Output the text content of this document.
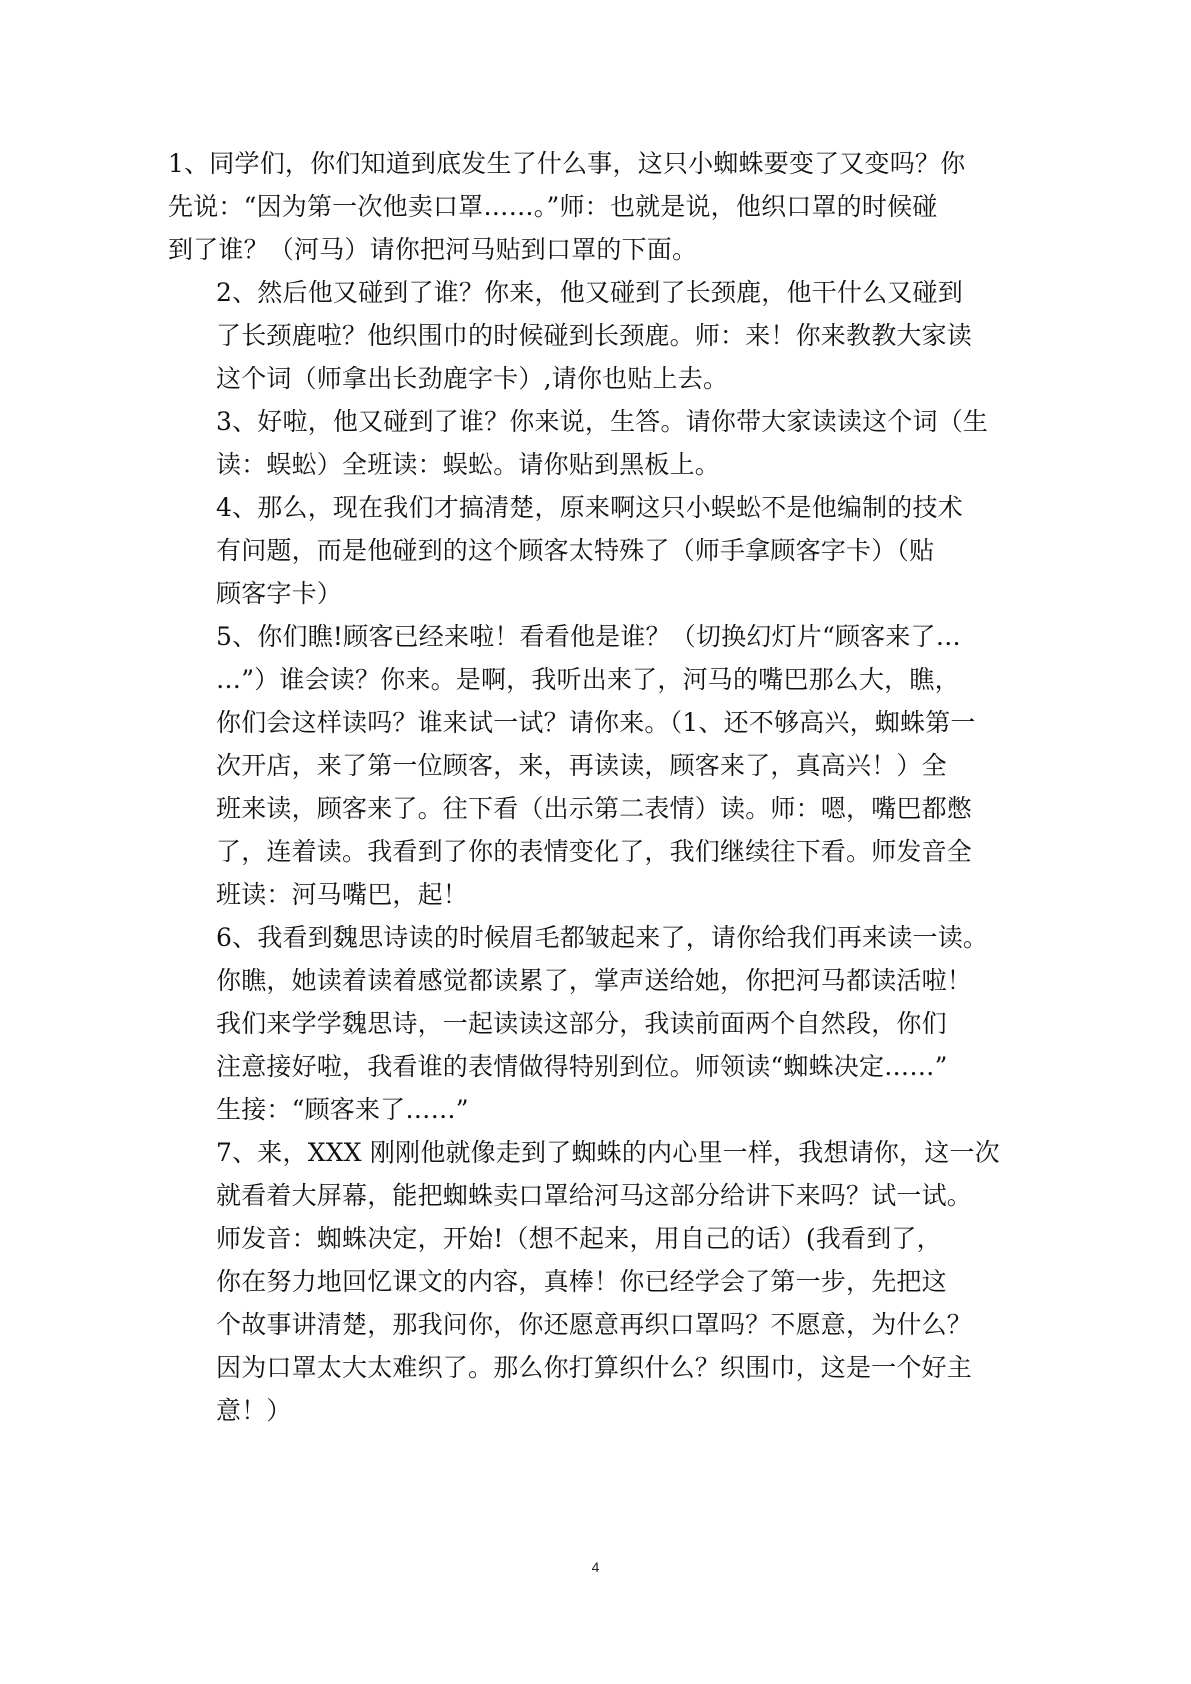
1、同学们，你们知道到底发生了什么事，这只小蜘蛛要变了又变吗？你
先说：“因为第一次他卖口罩……。”师：也就是说，他织口罩的时候碰
到了谁？（河马）请你把河马贴到口罩的下面。
2、然后他又碰到了谁？你来，他又碰到了长颈鹿，他干什么又碰到
了长颈鹿啦？他织围巾的时候碰到长颈鹿。师：来！你来教教大家读
这个词（师拿出长劲鹿字卡）,请你也贴上去。
3、好啦，他又碰到了谁？你来说，生答。请你带大家读读这个词（生
读：蜈蚣）全班读：蜈蚣。请你贴到黑板上。
4、那么，现在我们才搞清楚，原来啊这只小蜈蚣不是他编制的技术
有问题，而是他碰到的这个顾客太特殊了（师手拿顾客字卡）（贴
顾客字卡）
5、你们瞧!顾客已经来啦！看看他是谁？（切换幻灯片“顾客来了…
…”）谁会读？你来。是啊，我听出来了，河马的嘴巴那么大，瞧，
你们会这样读吗？谁来试一试？请你来。（1、还不够高兴，蜘蛛第一
次开店，来了第一位顾客，来，再读读，顾客来了，真高兴！）全
班来读，顾客来了。往下看（出示第二表情）读。师：嗯，嘴巴都憋
了，连着读。我看到了你的表情变化了，我们继续往下看。师发音全
班读：河马嘴巴，起！
6、我看到魏思诗读的时候眉毛都皱起来了，请你给我们再来读一读。
你瞧，她读着读着感觉都读累了，掌声送给她，你把河马都读活啦！
我们来学学魏思诗，一起读读这部分，我读前面两个自然段，你们
注意接好啦，我看谁的表情做得特别到位。师领读“蜘蛛决定……”
生接：“顾客来了……”
7、来，XXX 刚刚他就像走到了蜘蛛的内心里一样，我想请你，这一次
就看着大屏幕，能把蜘蛛卖口罩给河马这部分给讲下来吗？试一试。
师发音：蜘蛛决定，开始!（想不起来，用自己的话）(我看到了，
你在努力地回忆课文的内容，真棒！你已经学会了第一步，先把这
个故事讲清楚，那我问你，你还愿意再织口罩吗？不愿意，为什么？
因为口罩太大太难织了。那么你打算织什么？织围巾，这是一个好主
意！）
4
